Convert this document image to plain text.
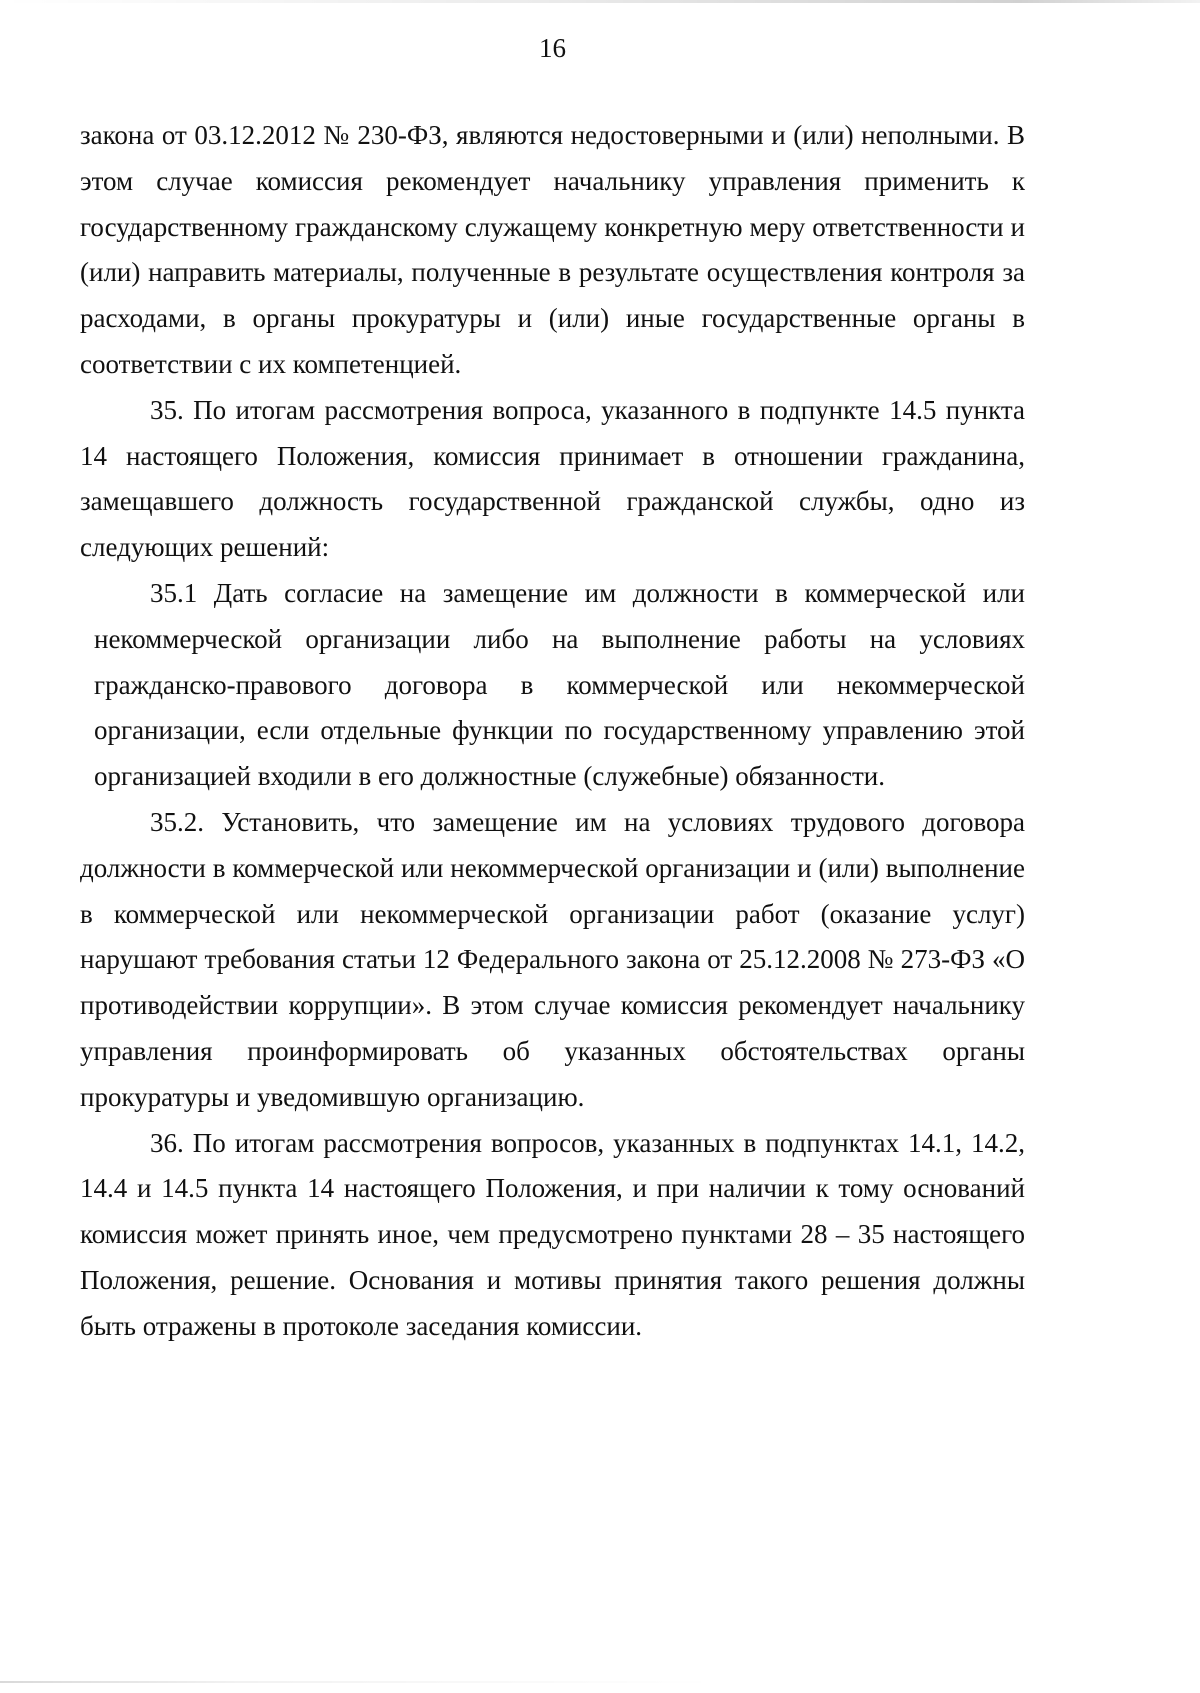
16

закона от 03.12.2012 № 230-ФЗ, являются недостоверными и (или) неполными. В этом случае комиссия рекомендует начальнику управления применить к государственному гражданскому служащему конкретную меру ответственности и (или) направить материалы, полученные в результате осуществления контроля за расходами, в органы прокуратуры и (или) иные государственные органы в соответствии с их компетенцией.

35. По итогам рассмотрения вопроса, указанного в подпункте 14.5 пункта 14 настоящего Положения, комиссия принимает в отношении гражданина, замещавшего должность государственной гражданской службы, одно из следующих решений:

35.1 Дать согласие на замещение им должности в коммерческой или некоммерческой организации либо на выполнение работы на условиях гражданско-правового договора в коммерческой или некоммерческой организации, если отдельные функции по государственному управлению этой организацией входили в его должностные (служебные) обязанности.

35.2. Установить, что замещение им на условиях трудового договора должности в коммерческой или некоммерческой организации и (или) выполнение в коммерческой или некоммерческой организации работ (оказание услуг) нарушают требования статьи 12 Федерального закона от 25.12.2008 № 273-ФЗ «О противодействии коррупции». В этом случае комиссия рекомендует начальнику управления проинформировать об указанных обстоятельствах органы прокуратуры и уведомившую организацию.

36. По итогам рассмотрения вопросов, указанных в подпунктах 14.1, 14.2, 14.4 и 14.5 пункта 14 настоящего Положения, и при наличии к тому оснований комиссия может принять иное, чем предусмотрено пунктами 28 – 35 настоящего Положения, решение. Основания и мотивы принятия такого решения должны быть отражены в протоколе заседания комиссии.
